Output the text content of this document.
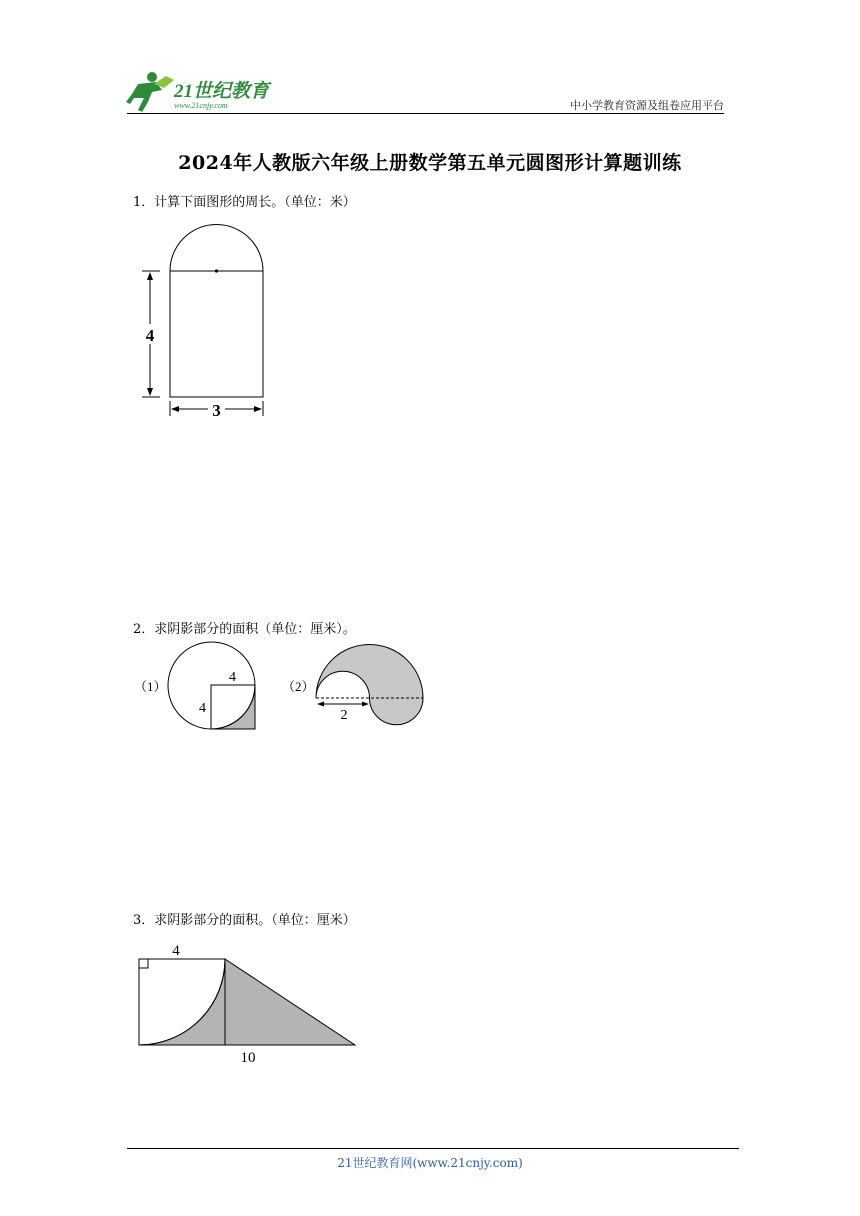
21世纪教育
www.21cnjy.com	中小学教育资源及组卷应用平台
2024年人教版六年级上册数学第五单元圆图形计算题训练
1．计算下面图形的周长。（单位：米）
4
3
2．求阴影部分的面积（单位：厘米）。
（1）
4
4
（2）
2
3．求阴影部分的面积。（单位：厘米）
4
10
21世纪教育网(www.21cnjy.com)
